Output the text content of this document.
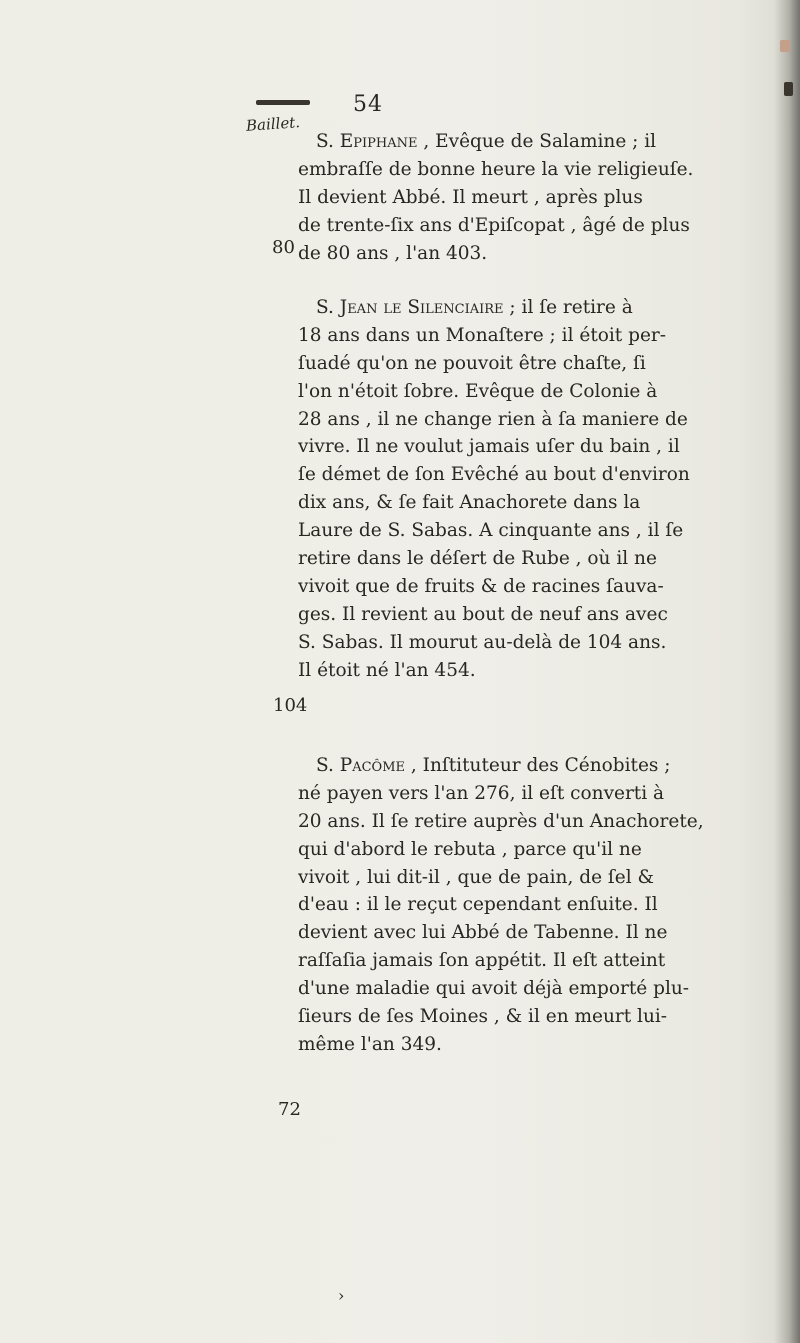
54
Baillet.
S. Epiphane , Evêque de Salamine ; il
embraſſe de bonne heure la vie religieuſe.
Il devient Abbé. Il meurt , après plus
de trente-ſix ans d'Epiſcopat , âgé de plus
de 80 ans , l'an 403.
80
S. Jean le Silenciaire ; il ſe retire à
18 ans dans un Monaſtere ; il étoit per-
ſuadé qu'on ne pouvoit être chaſte, ſi
l'on n'étoit ſobre. Evêque de Colonie à
28 ans , il ne change rien à ſa maniere de
vivre. Il ne voulut jamais uſer du bain , il
ſe démet de ſon Evêché au bout d'environ
dix ans, & ſe fait Anachorete dans la
Laure de S. Sabas. A cinquante ans , il ſe
retire dans le déſert de Rube , où il ne
vivoit que de fruits & de racines ſauva-
ges. Il revient au bout de neuf ans avec
S. Sabas. Il mourut au-delà de 104 ans.
Il étoit né l'an 454.
104
S. Pacôme , Inſtituteur des Cénobites ;
né payen vers l'an 276, il eſt converti à
20 ans. Il ſe retire auprès d'un Anachorete,
qui d'abord le rebuta , parce qu'il ne
vivoit , lui dit-il , que de pain, de ſel &
d'eau : il le reçut cependant enſuite. Il
devient avec lui Abbé de Tabenne. Il ne
raſſaſia jamais ſon appétit. Il eſt atteint
d'une maladie qui avoit déjà emporté plu-
ſieurs de ſes Moines , & il en meurt lui-
même l'an 349.
72
›
